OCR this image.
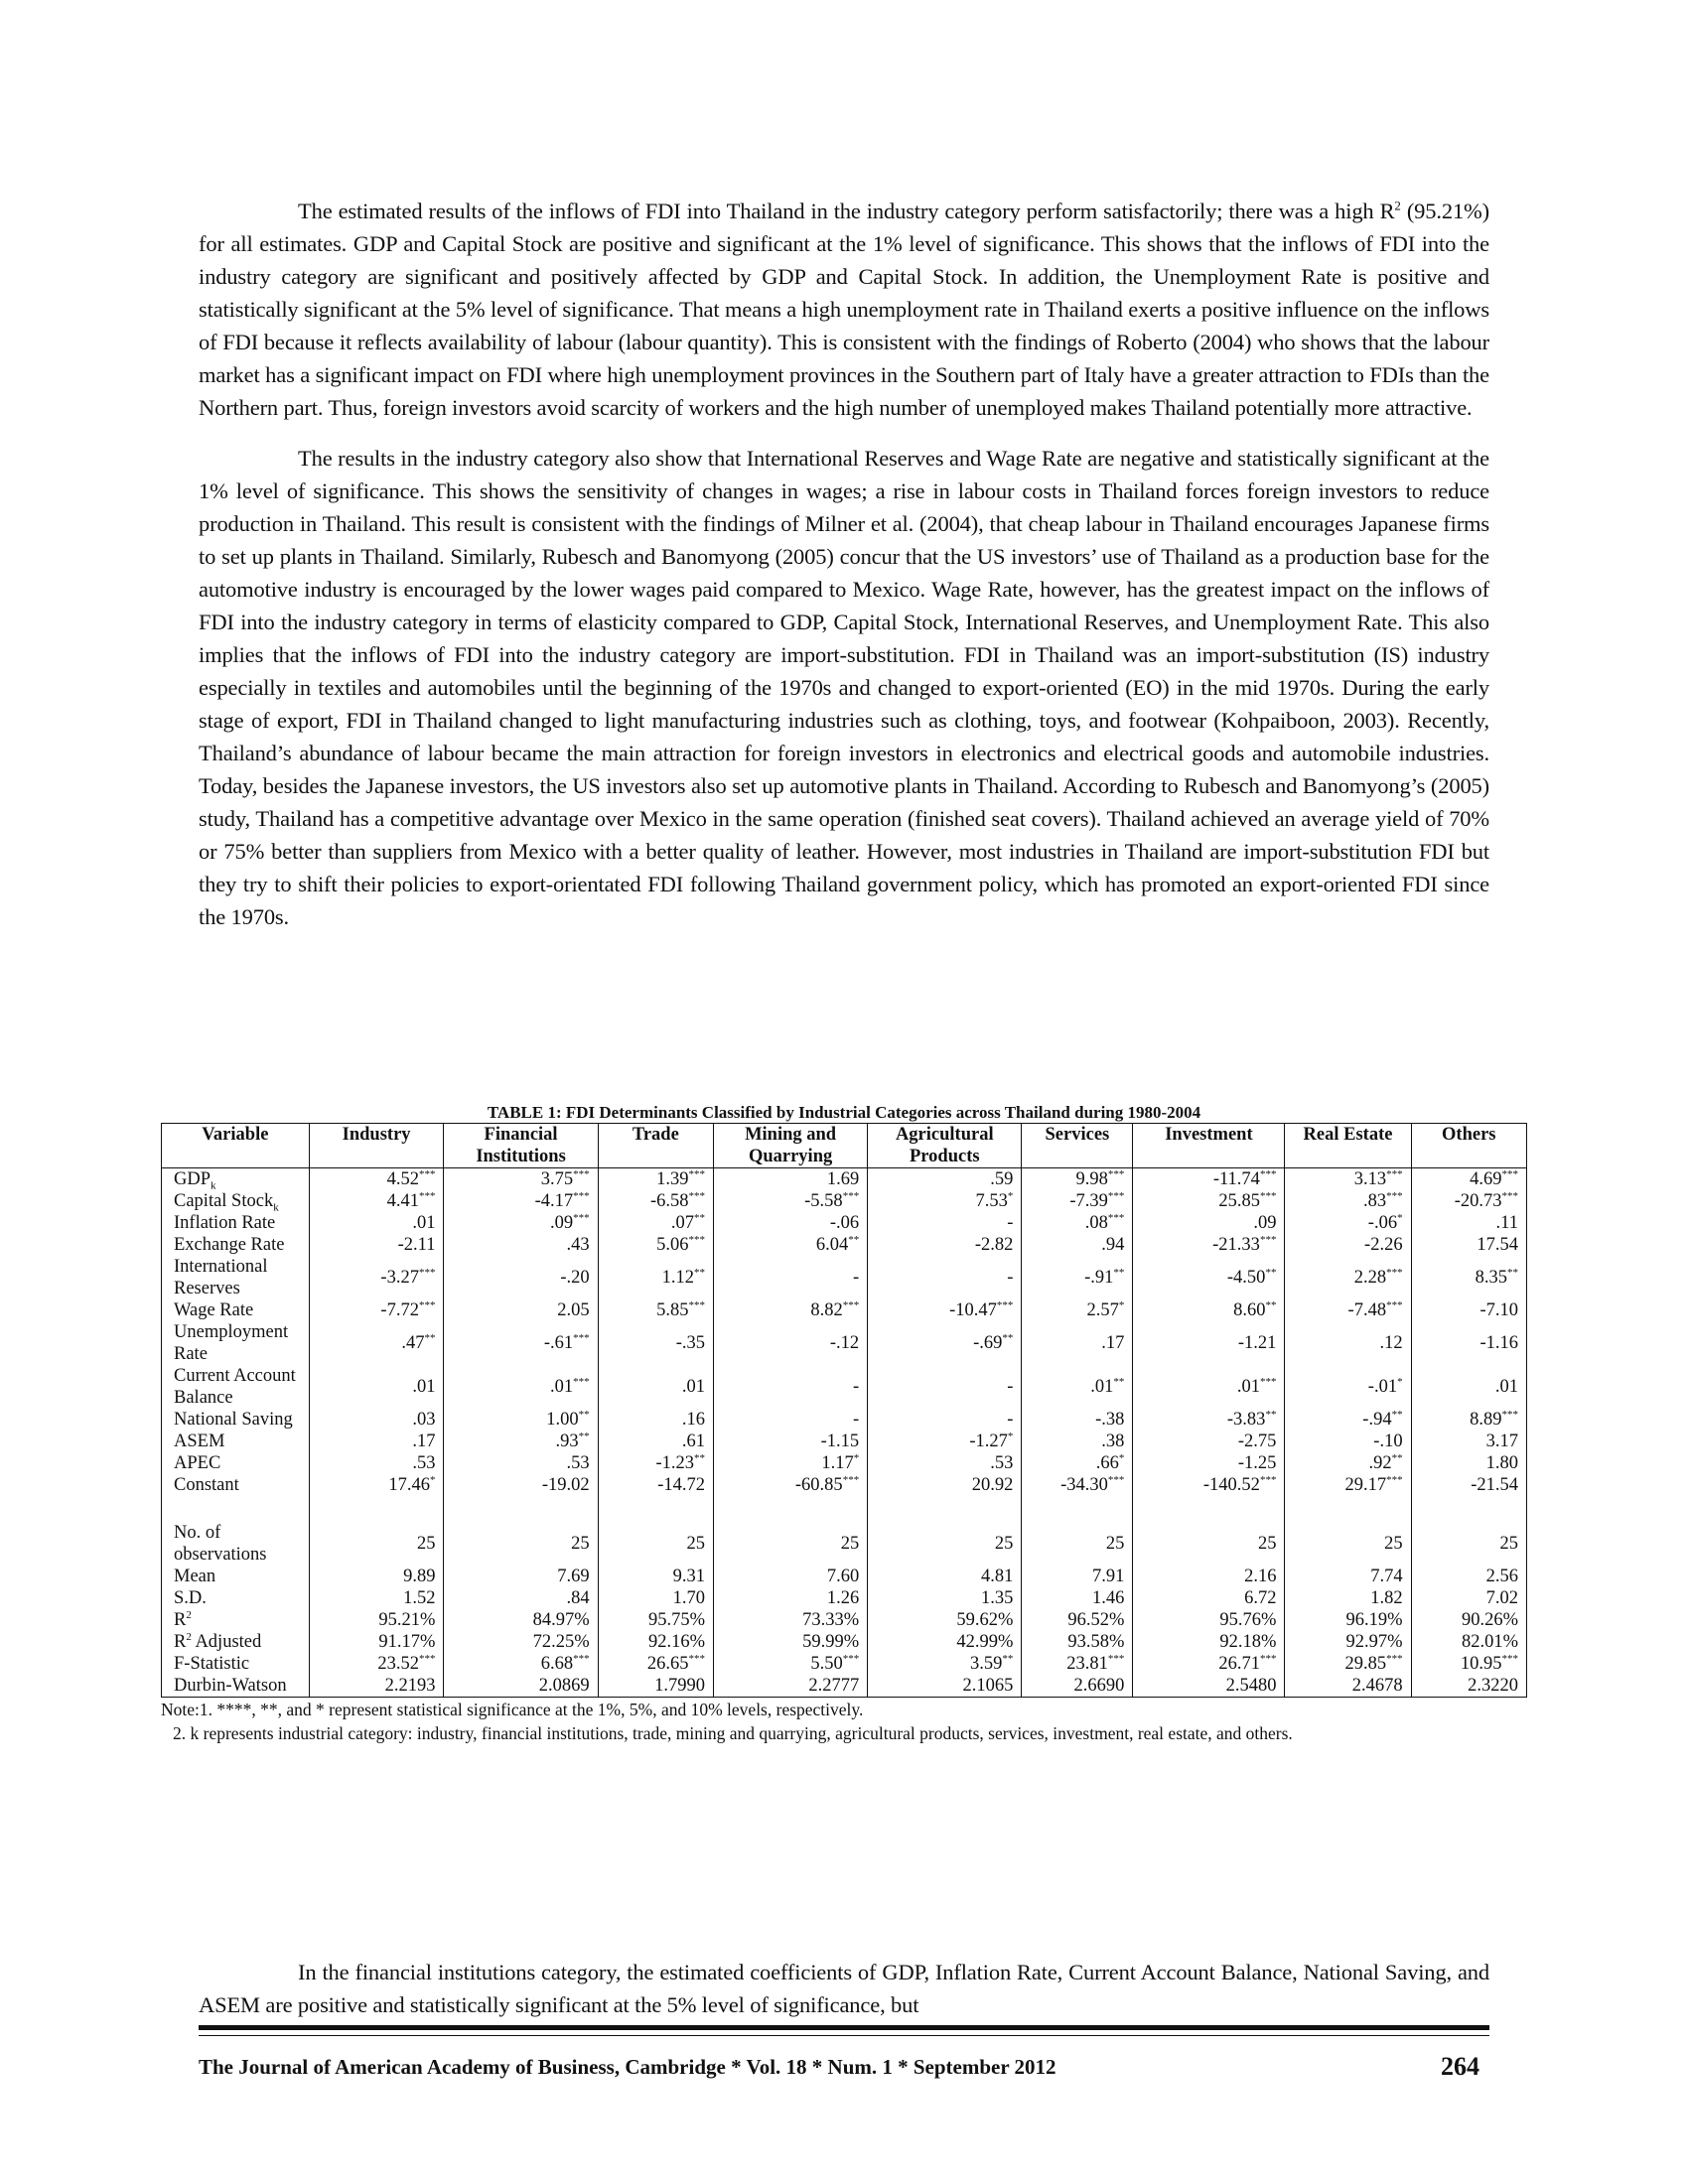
The estimated results of the inflows of FDI into Thailand in the industry category perform satisfactorily; there was a high $R^2$ (95.21%) for all estimates. GDP and Capital Stock are positive and significant at the 1% level of significance. This shows that the inflows of FDI into the industry category are significant and positively affected by GDP and Capital Stock. In addition, the Unemployment Rate is positive and statistically significant at the 5% level of significance. That means a high unemployment rate in Thailand exerts a positive influence on the inflows of FDI because it reflects availability of labour (labour quantity). This is consistent with the findings of Roberto (2004) who shows that the labour market has a significant impact on FDI where high unemployment provinces in the Southern part of Italy have a greater attraction to FDIs than the Northern part. Thus, foreign investors avoid scarcity of workers and the high number of unemployed makes Thailand potentially more attractive.

The results in the industry category also show that International Reserves and Wage Rate are negative and statistically significant at the 1% level of significance. This shows the sensitivity of changes in wages; a rise in labour costs in Thailand forces foreign investors to reduce production in Thailand. This result is consistent with the findings of Milner et al. (2004), that cheap labour in Thailand encourages Japanese firms to set up plants in Thailand. Similarly, Rubesch and Banomyong (2005) concur that the US investors’ use of Thailand as a production base for the automotive industry is encouraged by the lower wages paid compared to Mexico. Wage Rate, however, has the greatest impact on the inflows of FDI into the industry category in terms of elasticity compared to GDP, Capital Stock, International Reserves, and Unemployment Rate. This also implies that the inflows of FDI into the industry category are import-substitution. FDI in Thailand was an import-substitution (IS) industry especially in textiles and automobiles until the beginning of the 1970s and changed to export-oriented (EO) in the mid 1970s. During the early stage of export, FDI in Thailand changed to light manufacturing industries such as clothing, toys, and footwear (Kohpaiboon, 2003). Recently, Thailand’s abundance of labour became the main attraction for foreign investors in electronics and electrical goods and automobile industries. Today, besides the Japanese investors, the US investors also set up automotive plants in Thailand. According to Rubesch and Banomyong’s (2005) study, Thailand has a competitive advantage over Mexico in the same operation (finished seat covers). Thailand achieved an average yield of 70% or 75% better than suppliers from Mexico with a better quality of leather. However, most industries in Thailand are import-substitution FDI but they try to shift their policies to export-orientated FDI following Thailand government policy, which has promoted an export-oriented FDI since the 1970s.

TABLE 1: FDI Determinants Classified by Industrial Categories across Thailand during 1980-2004
Variable	Industry	Financial Institutions	Trade	Mining and Quarrying	Agricultural Products	Services	Investment	Real Estate	Others
$GDP_k$	4.52***	3.75***	1.39***	1.69	.59	9.98***	-11.74***	3.13***	4.69***
Capital Stock$_k$	4.41***	-4.17***	-6.58***	-5.58***	7.53*	-7.39***	25.85***	.83***	-20.73***
Inflation Rate	.01	.09***	.07**	-.06	-	.08***	.09	-.06*	.11
Exchange Rate	-2.11	.43	5.06***	6.04**	-2.82	.94	-21.33***	-2.26	17.54
International Reserves	-3.27***	-.20	1.12**	-	-	-.91**	-4.50**	2.28***	8.35**
Wage Rate	-7.72***	2.05	5.85***	8.82***	-10.47***	2.57*	8.60**	-7.48***	-7.10
Unemployment Rate	.47**	-.61***	-.35	-.12	-.69**	.17	-1.21	.12	-1.16
Current Account Balance	.01	.01***	.01	-	-	.01**	.01***	-.01*	.01
National Saving	.03	1.00**	.16	-	-	-.38	-3.83**	-.94**	8.89***
ASEM	.17	.93**	.61	-1.15	-1.27*	.38	-2.75	-.10	3.17
APEC	.53	.53	-1.23**	1.17*	.53	.66*	-1.25	.92**	1.80
Constant	17.46*	-19.02	-14.72	-60.85***	20.92	-34.30***	-140.52***	29.17***	-21.54

No. of observations	25	25	25	25	25	25	25	25	25
Mean	9.89	7.69	9.31	7.60	4.81	7.91	2.16	7.74	2.56
S.D.	1.52	.84	1.70	1.26	1.35	1.46	6.72	1.82	7.02
$R^2$	95.21%	84.97%	95.75%	73.33%	59.62%	96.52%	95.76%	96.19%	90.26%
$R^2$ Adjusted	91.17%	72.25%	92.16%	59.99%	42.99%	93.58%	92.18%	92.97%	82.01%
F-Statistic	23.52***	6.68***	26.65***	5.50***	3.59**	23.81***	26.71***	29.85***	10.95***
Durbin-Watson	2.2193	2.0869	1.7990	2.2777	2.1065	2.6690	2.5480	2.4678	2.3220

Note:1. ****, **, and * represent statistical significance at the 1%, 5%, and 10% levels, respectively.

2. k represents industrial category: industry, financial institutions, trade, mining and quarrying, agricultural products, services, investment, real estate, and others.

In the financial institutions category, the estimated coefficients of GDP, Inflation Rate, Current Account Balance, National Saving, and ASEM are positive and statistically significant at the 5% level of significance, but

The Journal of American Academy of Business, Cambridge * Vol. 18 * Num. 1 * September 2012	264
